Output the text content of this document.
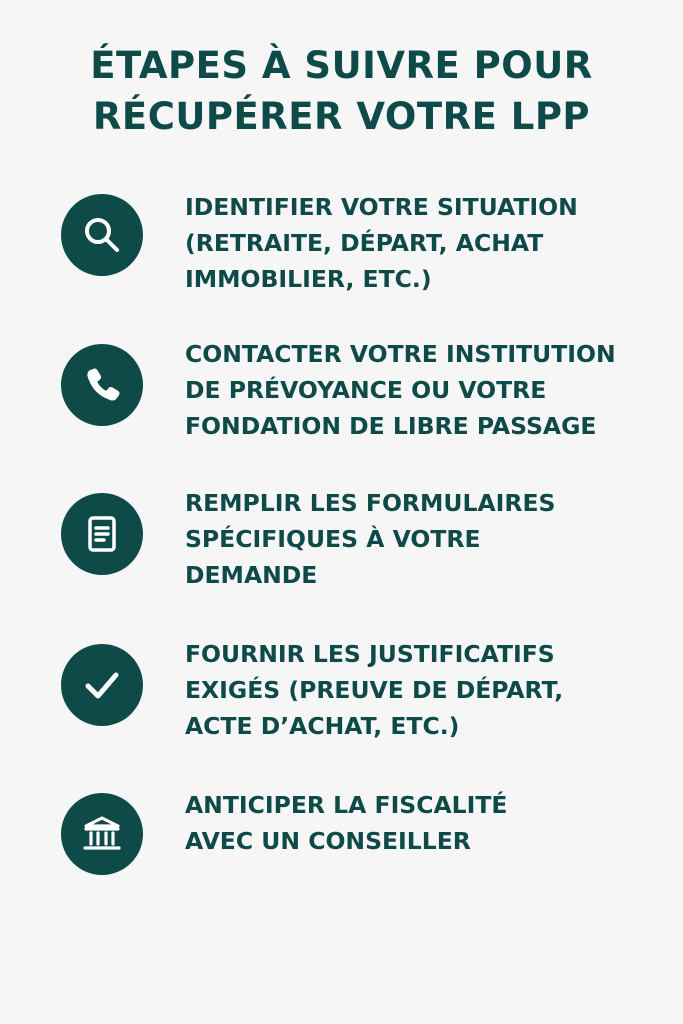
ÉTAPES À SUIVRE POUR
RÉCUPÉRER VOTRE LPP

IDENTIFIER VOTRE SITUATION
(RETRAITE, DÉPART, ACHAT
IMMOBILIER, ETC.)

CONTACTER VOTRE INSTITUTION
DE PRÉVOYANCE OU VOTRE
FONDATION DE LIBRE PASSAGE

REMPLIR LES FORMULAIRES
SPÉCIFIQUES À VOTRE
DEMANDE

FOURNIR LES JUSTIFICATIFS
EXIGÉS (PREUVE DE DÉPART,
ACTE D’ACHAT, ETC.)

ANTICIPER LA FISCALITÉ
AVEC UN CONSEILLER
